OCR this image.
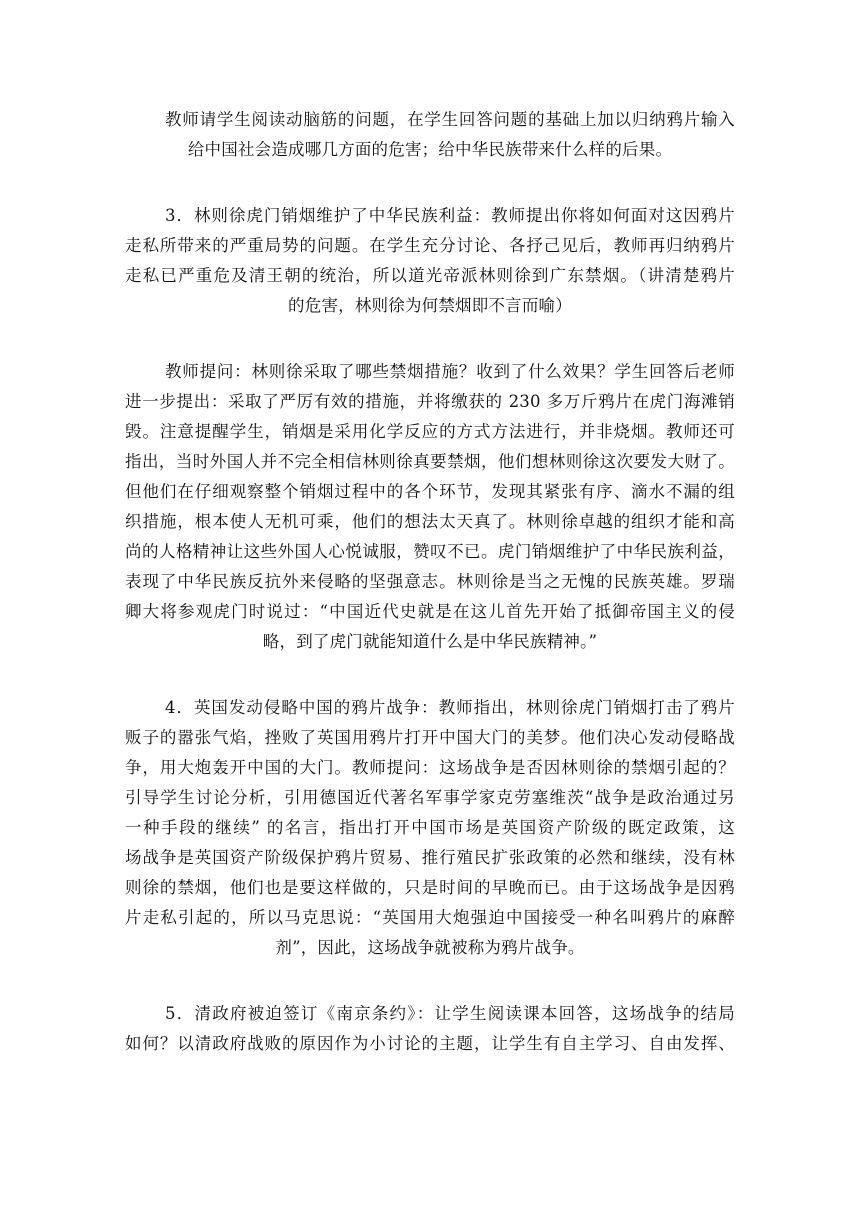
教师请学生阅读动脑筋的问题，在学生回答问题的基础上加以归纳鸦片输入
给中国社会造成哪几方面的危害；给中华民族带来什么样的后果。

3．林则徐虎门销烟维护了中华民族利益：教师提出你将如何面对这因鸦片
走私所带来的严重局势的问题。在学生充分讨论、各抒己见后，教师再归纳鸦片
走私已严重危及清王朝的统治，所以道光帝派林则徐到广东禁烟。（讲清楚鸦片
的危害，林则徐为何禁烟即不言而喻）

教师提问：林则徐采取了哪些禁烟措施？收到了什么效果？学生回答后老师
进一步提出：采取了严厉有效的措施，并将缴获的 230 多万斤鸦片在虎门海滩销
毁。注意提醒学生，销烟是采用化学反应的方式方法进行，并非烧烟。教师还可
指出，当时外国人并不完全相信林则徐真要禁烟，他们想林则徐这次要发大财了。
但他们在仔细观察整个销烟过程中的各个环节，发现其紧张有序、滴水不漏的组
织措施，根本使人无机可乘，他们的想法太天真了。林则徐卓越的组织才能和高
尚的人格精神让这些外国人心悦诚服，赞叹不已。虎门销烟维护了中华民族利益，
表现了中华民族反抗外来侵略的坚强意志。林则徐是当之无愧的民族英雄。罗瑞
卿大将参观虎门时说过：“中国近代史就是在这儿首先开始了抵御帝国主义的侵
略，到了虎门就能知道什么是中华民族精神。”

4．英国发动侵略中国的鸦片战争：教师指出，林则徐虎门销烟打击了鸦片
贩子的嚣张气焰，挫败了英国用鸦片打开中国大门的美梦。他们决心发动侵略战
争，用大炮轰开中国的大门。教师提问：这场战争是否因林则徐的禁烟引起的？
引导学生讨论分析，引用德国近代著名军事学家克劳塞维茨“战争是政治通过另
一种手段的继续” 的名言，指出打开中国市场是英国资产阶级的既定政策，这
场战争是英国资产阶级保护鸦片贸易、推行殖民扩张政策的必然和继续，没有林
则徐的禁烟，他们也是要这样做的，只是时间的早晚而已。由于这场战争是因鸦
片走私引起的，所以马克思说：“英国用大炮强迫中国接受一种名叫鸦片的麻醉
剂”，因此，这场战争就被称为鸦片战争。

5．清政府被迫签订《南京条约》：让学生阅读课本回答，这场战争的结局
如何？以清政府战败的原因作为小讨论的主题，让学生有自主学习、自由发挥、
